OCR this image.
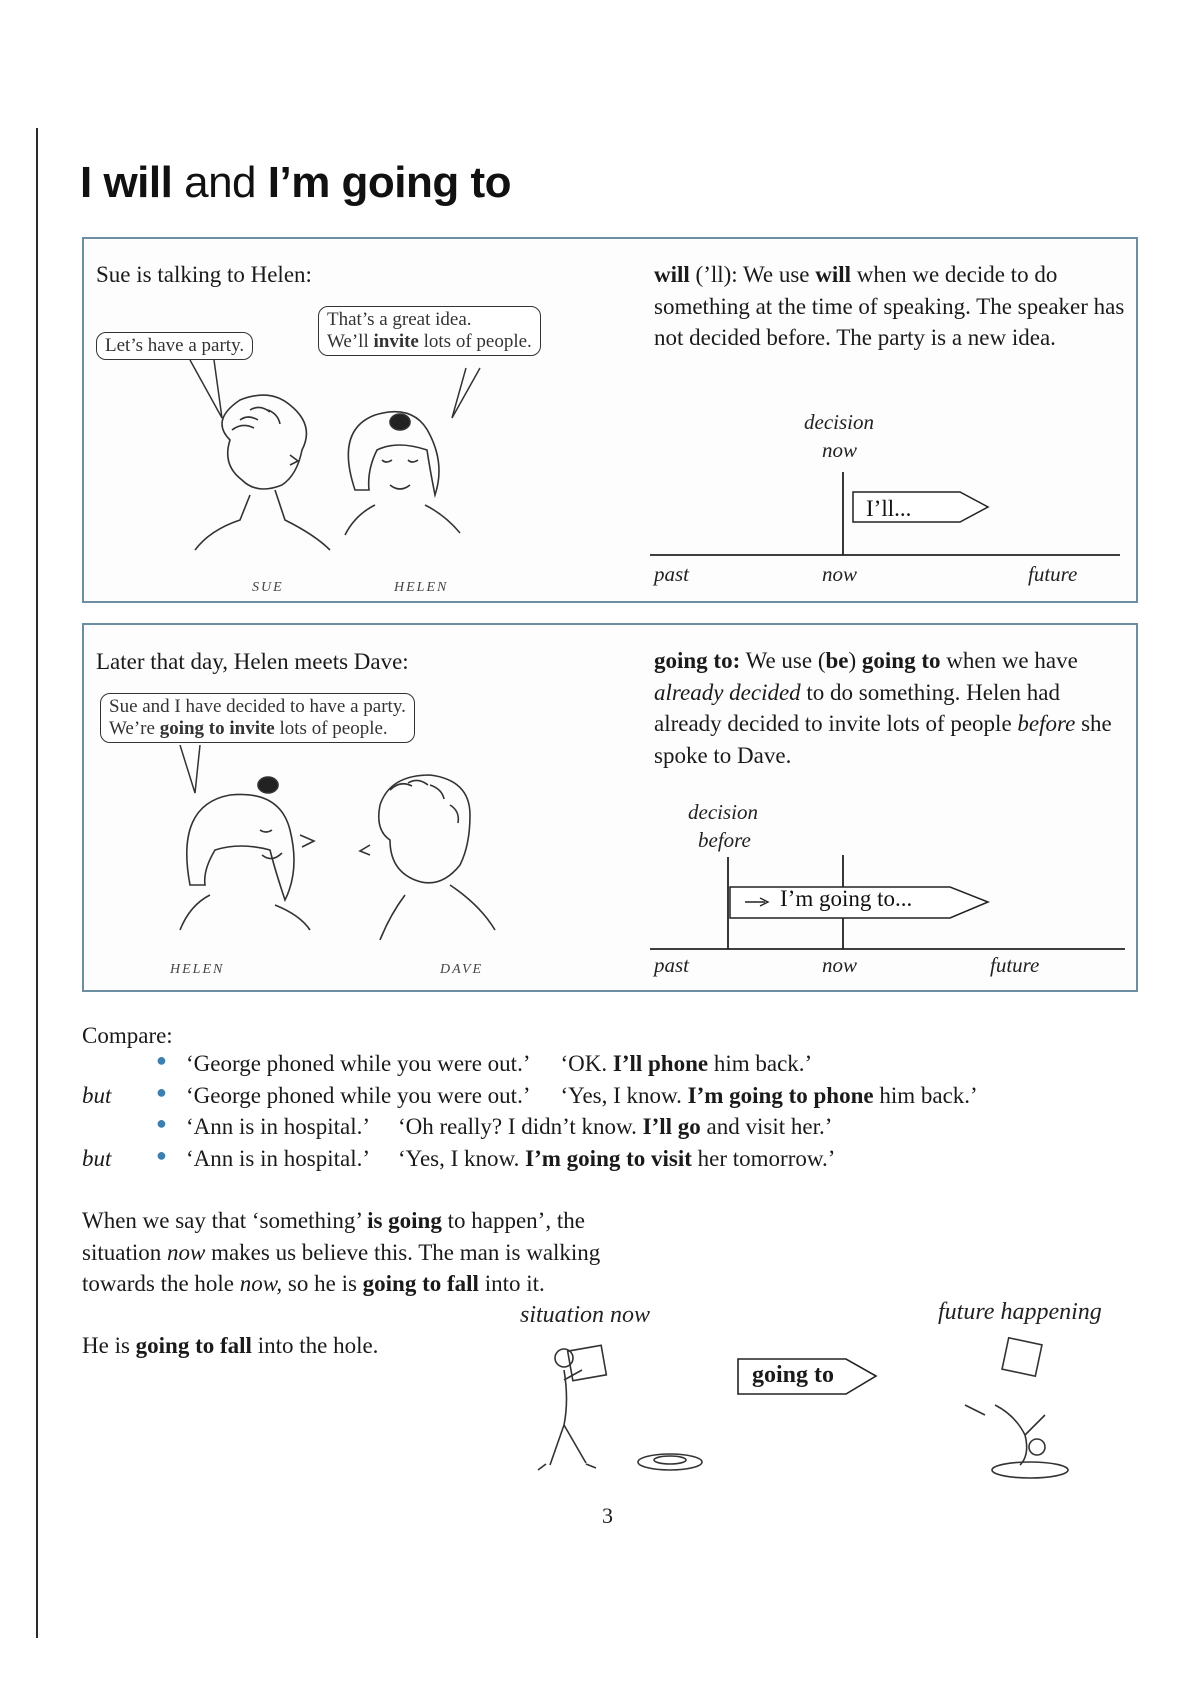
I will and I’m going to
Sue is talking to Helen:
Let’s have a party.
That’s a great idea.
We’ll invite lots of people.
SUE	HELEN
will (’ll): We use will when we decide to do something at the time of speaking. The speaker has not decided before. The party is a new idea.
decision
now
I’ll...
past	now	future
Later that day, Helen meets Dave:
Sue and I have decided to have a party.
We’re going to invite lots of people.
HELEN	DAVE
going to: We use (be) going to when we have already decided to do something. Helen had already decided to invite lots of people before she spoke to Dave.
decision
before
I’m going to...
past	now	future
Compare:
‘George phoned while you were out.’ ‘OK. I’ll phone him back.’
but	‘George phoned while you were out.’ ‘Yes, I know. I’m going to phone him back.’
‘Ann is in hospital.’ ‘Oh really? I didn’t know. I’ll go and visit her.’
but	‘Ann is in hospital.’ ‘Yes, I know. I’m going to visit her tomorrow.’
●
●
●
●
When we say that ‘something’ is going to happen’, the
situation now makes us believe this. The man is walking
towards the hole now, so he is going to fall into it.
He is going to fall into the hole.
situation now	future happening
going to
3
